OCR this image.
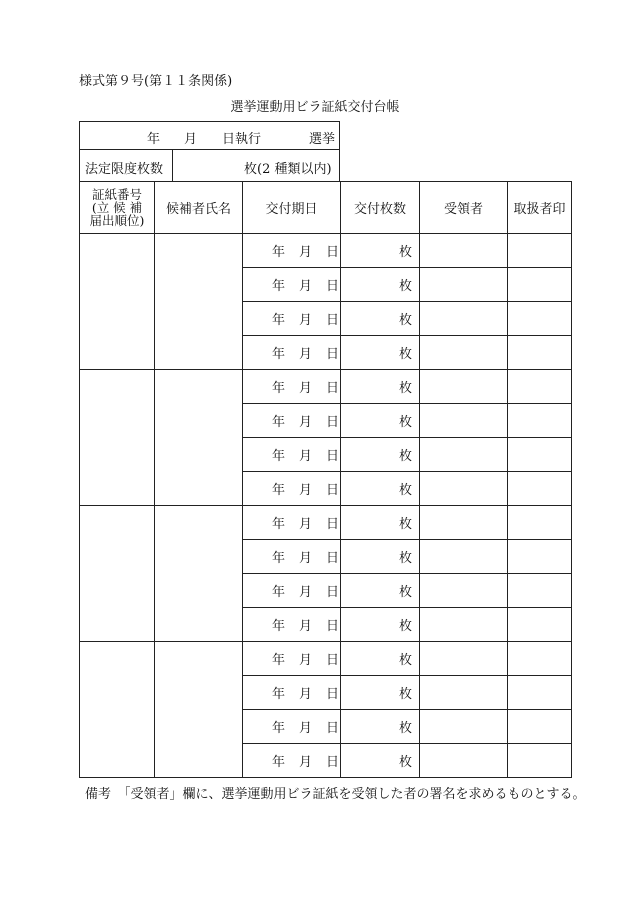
様式第９号(第１１条関係)
選挙運動用ビラ証紙交付台帳
年 月 日執行	選挙
法定限度枚数	枚(2 種類以内)
証紙番号
(立 候 補
届出順位)	候補者氏名	交付期日	交付枚数	受領者	取扱者印
		年 月 日	枚		
		年 月 日	枚		
		年 月 日	枚		
		年 月 日	枚		
		年 月 日	枚		
		年 月 日	枚		
		年 月 日	枚		
		年 月 日	枚		
		年 月 日	枚		
		年 月 日	枚		
		年 月 日	枚		
		年 月 日	枚		
		年 月 日	枚		
		年 月 日	枚		
		年 月 日	枚		
		年 月 日	枚		
備考　「受領者」欄に、選挙運動用ビラ証紙を受領した者の署名を求めるものとする。
